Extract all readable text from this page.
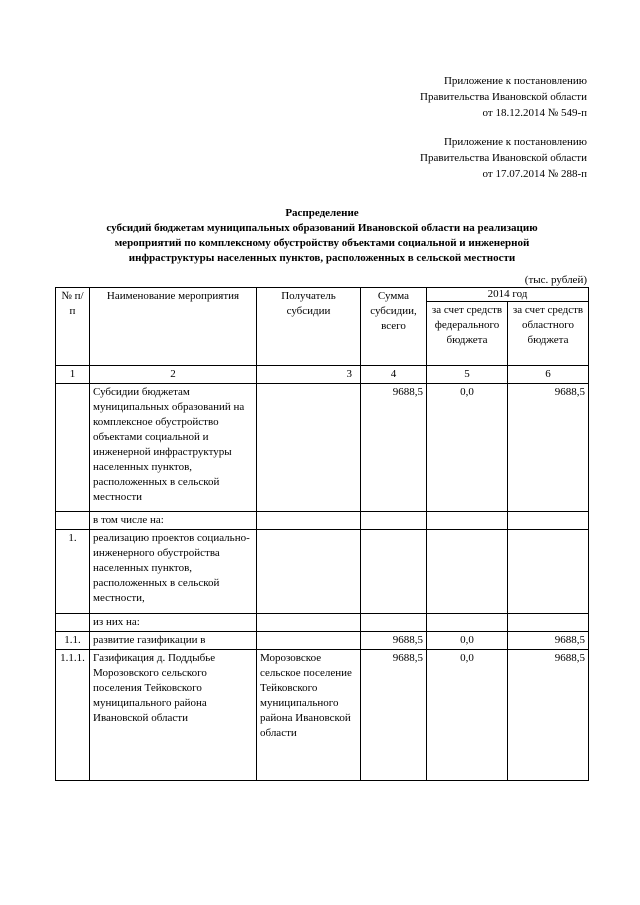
Приложение к постановлению
Правительства Ивановской области
от 18.12.2014 № 549-п
Приложение к постановлению
Правительства Ивановской области
от 17.07.2014 № 288-п
Распределение
субсидий бюджетам муниципальных образований Ивановской области на реализацию
мероприятий по комплексному обустройству объектами социальной и инженерной
инфраструктуры населенных пунктов, расположенных в сельской местности
(тыс. рублей)
№ п/п	Наименование мероприятия	Получатель субсидии	Сумма субсидии, всего	2014 год	
				за счет средств федерального бюджета	за счет средств областного бюджета
1	2	3	4	5	6
	Субсидии бюджетам муниципальных образований на комплексное обустройство объектами социальной и инженерной инфраструктуры населенных пунктов, расположенных в сельской местности		9688,5	0,0	9688,5
	в том числе на:				
1.	реализацию проектов социально-инженерного обустройства населенных пунктов, расположенных в сельской местности,				
	из них на:				
1.1.	развитие газификации в		9688,5	0,0	9688,5
1.1.1.	Газификация д. Поддыбье Морозовского сельского поселения Тейковского муниципального района Ивановской области	Морозовское сельское поселение Тейковского муниципального района Ивановской области	9688,5	0,0	9688,5
